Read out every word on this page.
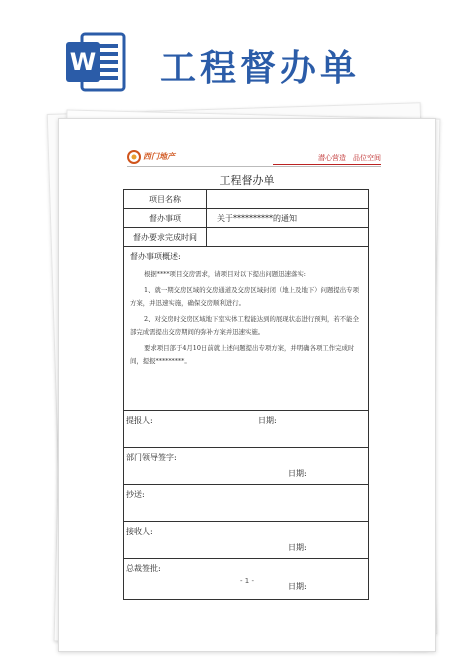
W 工程督办单
西门地产	潜心营造　品位空间
工程督办单
项目名称
督办事项	关于**********的通知
督办要求完成时间
督办事项概述:

根据****项目交房需求，请项目对以下提出问题迅速落实:

1、就一期交房区域的交房通道及交房区域封闭（地上及地下）问题提出专项方案，并迅速实施，确保交房顺利进行。

2、对交房时交房区域地下室实体工程能达到的展现状态进行预判，若不能全部完成需提出交房期间的弥补方案并迅速实施。

要求项目部于4月10日前就上述问题提出专项方案，并明确各项工作完成时间，提报*********。

提报人:	日期:
部门领导签字:
日期:
抄送:
接收人:
日期:
总裁签批:
日期:
- 1 -
